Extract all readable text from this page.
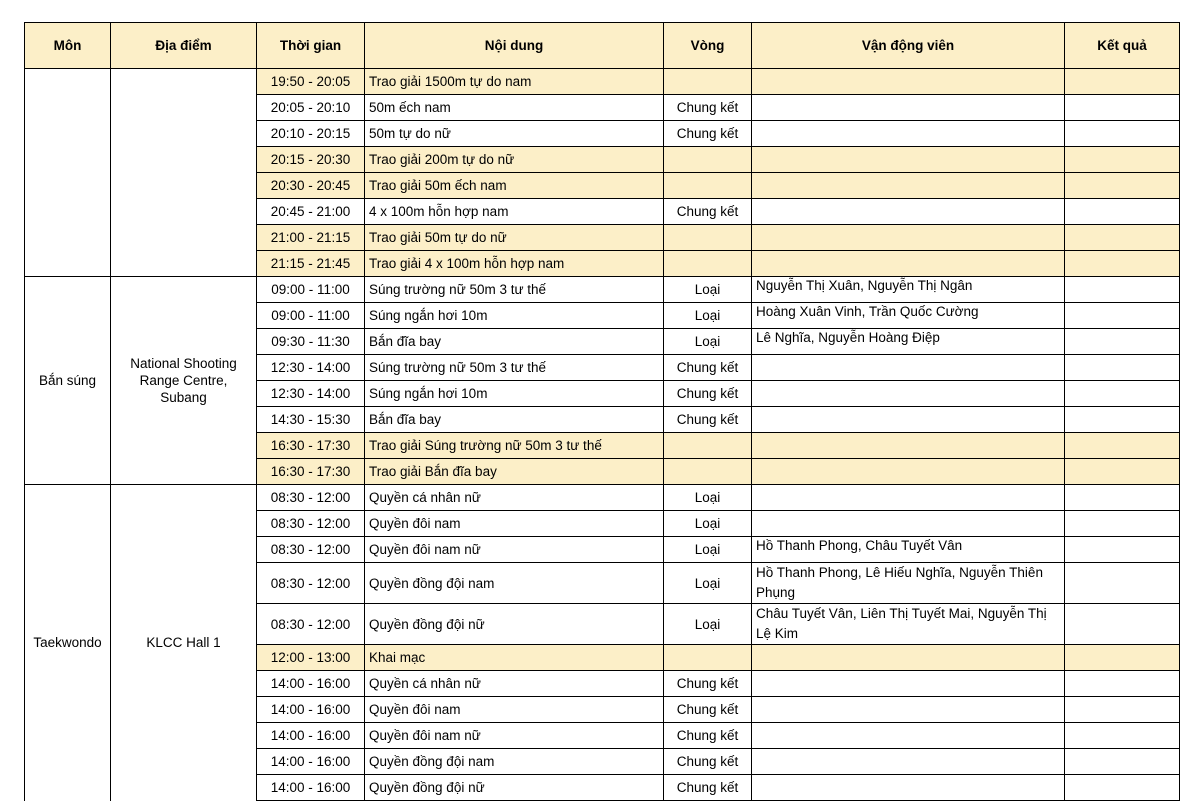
Môn	Địa điểm	Thời gian	Nội dung	Vòng	Vận động viên	Kết quả
		19:50 - 20:05	Trao giải 1500m tự do nam			
		20:05 - 20:10	50m ếch nam	Chung kết		
		20:10 - 20:15	50m tự do nữ	Chung kết		
		20:15 - 20:30	Trao giải 200m tự do nữ			
		20:30 - 20:45	Trao giải 50m ếch nam			
		20:45 - 21:00	4 x 100m hỗn hợp nam	Chung kết		
		21:00 - 21:15	Trao giải 50m tự do nữ			
		21:15 - 21:45	Trao giải 4 x 100m hỗn hợp nam			
Bắn súng	National Shooting Range Centre, Subang	09:00 - 11:00	Súng trường nữ 50m 3 tư thế	Loại	Nguyễn Thị Xuân, Nguyễn Thị Ngân	
		09:00 - 11:00	Súng ngắn hơi 10m	Loại	Hoàng Xuân Vinh, Trần Quốc Cường	
		09:30 - 11:30	Bắn đĩa bay	Loại	Lê Nghĩa, Nguyễn Hoàng Điệp	
		12:30 - 14:00	Súng trường nữ 50m 3 tư thế	Chung kết		
		12:30 - 14:00	Súng ngắn hơi 10m	Chung kết		
		14:30 - 15:30	Bắn đĩa bay	Chung kết		
		16:30 - 17:30	Trao giải Súng trường nữ 50m 3 tư thế			
		16:30 - 17:30	Trao giải Bắn đĩa bay			
Taekwondo	KLCC Hall 1	08:30 - 12:00	Quyền cá nhân nữ	Loại		
		08:30 - 12:00	Quyền đôi nam	Loại		
		08:30 - 12:00	Quyền đôi nam nữ	Loại	Hồ Thanh Phong, Châu Tuyết Vân	
		08:30 - 12:00	Quyền đồng đội nam	Loại	Hồ Thanh Phong, Lê Hiếu Nghĩa, Nguyễn Thiên Phụng	
		08:30 - 12:00	Quyền đồng đội nữ	Loại	Châu Tuyết Vân, Liên Thị Tuyết Mai, Nguyễn Thị Lệ Kim	
		12:00 - 13:00	Khai mạc			
		14:00 - 16:00	Quyền cá nhân nữ	Chung kết		
		14:00 - 16:00	Quyền đôi nam	Chung kết		
		14:00 - 16:00	Quyền đôi nam nữ	Chung kết		
		14:00 - 16:00	Quyền đồng đội nam	Chung kết		
		14:00 - 16:00	Quyền đồng đội nữ	Chung kết		
